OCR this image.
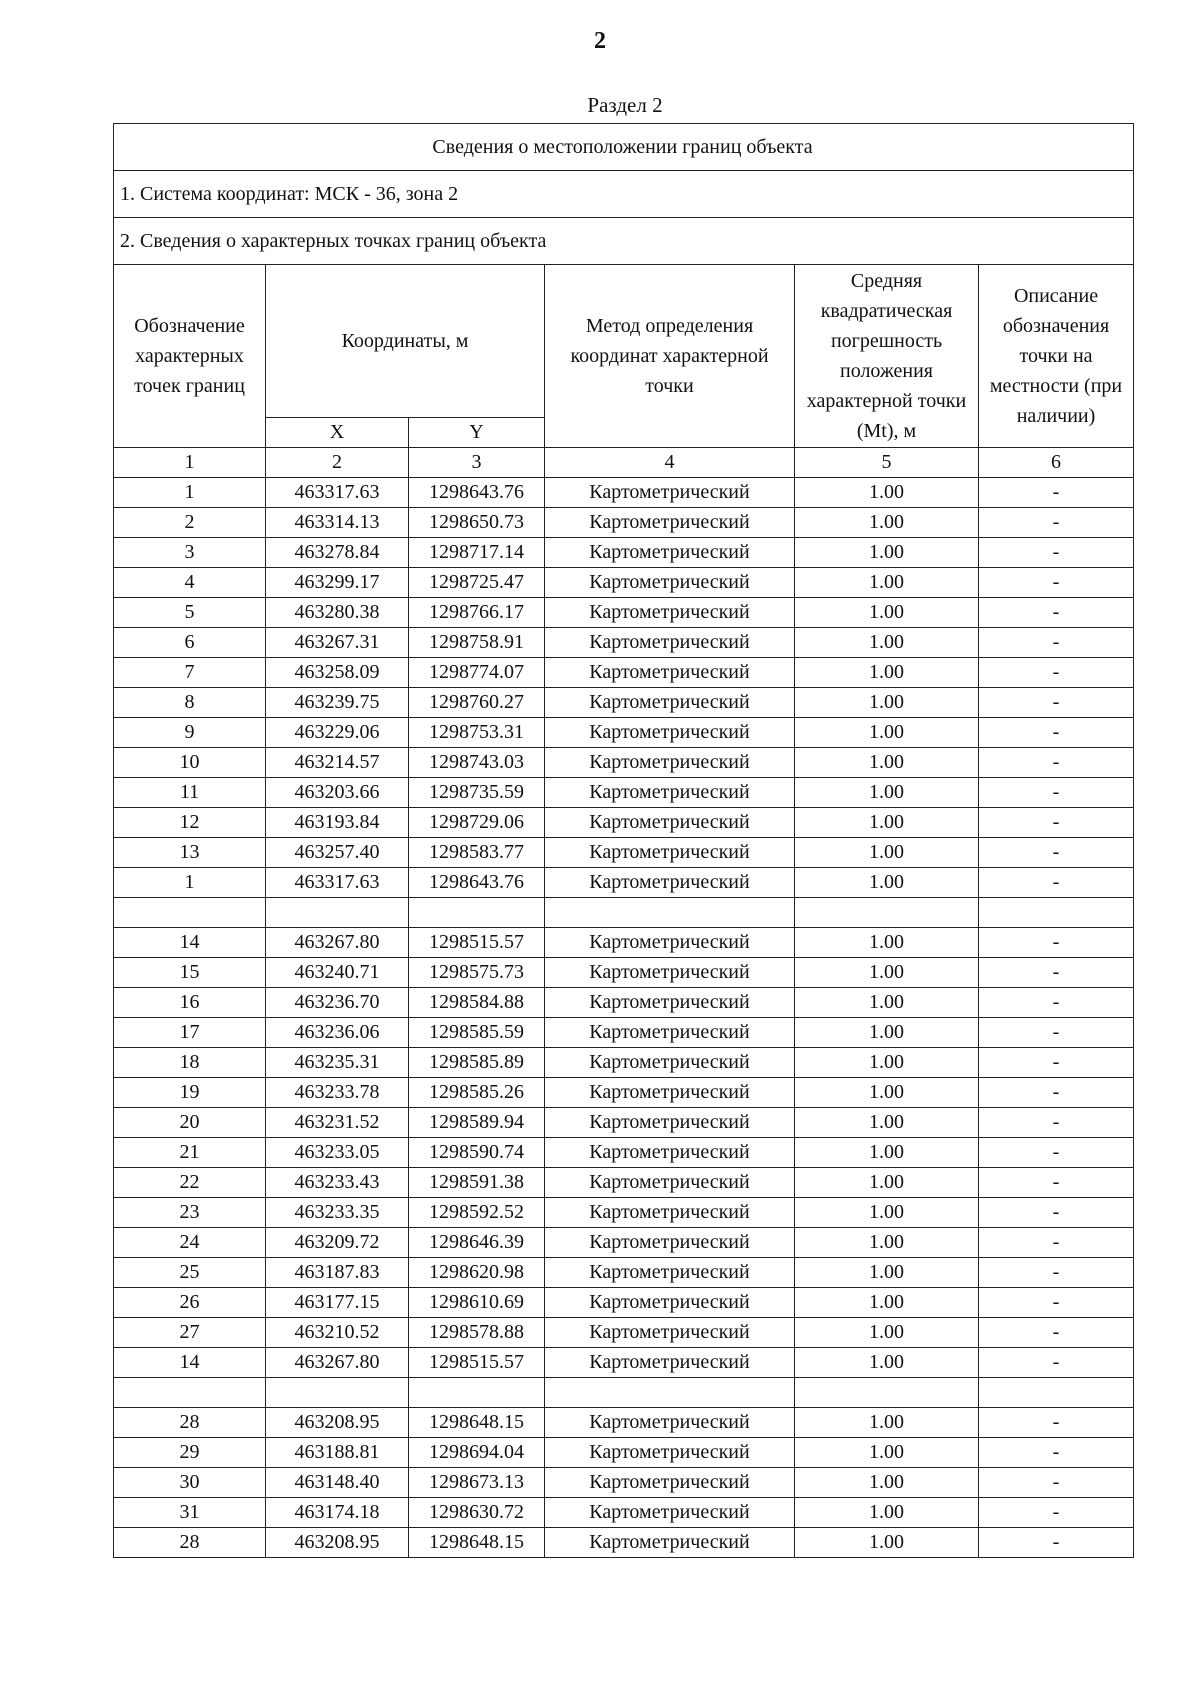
2
Раздел 2
Сведения о местоположении границ объекта					
1. Система координат: МСК - 36, зона 2					
2. Сведения о характерных точках границ объекта					
Обозначение характерных точек границ	Координаты, м		Метод определения координат характерной точки	Средняя квадратическая погрешность положения характерной точки (Mt), м	Описание обозначения точки на местности (при наличии)
	X	Y			
1	2	3	4	5	6
1	463317.63	1298643.76	Картометрический	1.00	-
2	463314.13	1298650.73	Картометрический	1.00	-
3	463278.84	1298717.14	Картометрический	1.00	-
4	463299.17	1298725.47	Картометрический	1.00	-
5	463280.38	1298766.17	Картометрический	1.00	-
6	463267.31	1298758.91	Картометрический	1.00	-
7	463258.09	1298774.07	Картометрический	1.00	-
8	463239.75	1298760.27	Картометрический	1.00	-
9	463229.06	1298753.31	Картометрический	1.00	-
10	463214.57	1298743.03	Картометрический	1.00	-
11	463203.66	1298735.59	Картометрический	1.00	-
12	463193.84	1298729.06	Картометрический	1.00	-
13	463257.40	1298583.77	Картометрический	1.00	-
1	463317.63	1298643.76	Картометрический	1.00	-

14	463267.80	1298515.57	Картометрический	1.00	-
15	463240.71	1298575.73	Картометрический	1.00	-
16	463236.70	1298584.88	Картометрический	1.00	-
17	463236.06	1298585.59	Картометрический	1.00	-
18	463235.31	1298585.89	Картометрический	1.00	-
19	463233.78	1298585.26	Картометрический	1.00	-
20	463231.52	1298589.94	Картометрический	1.00	-
21	463233.05	1298590.74	Картометрический	1.00	-
22	463233.43	1298591.38	Картометрический	1.00	-
23	463233.35	1298592.52	Картометрический	1.00	-
24	463209.72	1298646.39	Картометрический	1.00	-
25	463187.83	1298620.98	Картометрический	1.00	-
26	463177.15	1298610.69	Картометрический	1.00	-
27	463210.52	1298578.88	Картометрический	1.00	-
14	463267.80	1298515.57	Картометрический	1.00	-

28	463208.95	1298648.15	Картометрический	1.00	-
29	463188.81	1298694.04	Картометрический	1.00	-
30	463148.40	1298673.13	Картометрический	1.00	-
31	463174.18	1298630.72	Картометрический	1.00	-
28	463208.95	1298648.15	Картометрический	1.00	-
